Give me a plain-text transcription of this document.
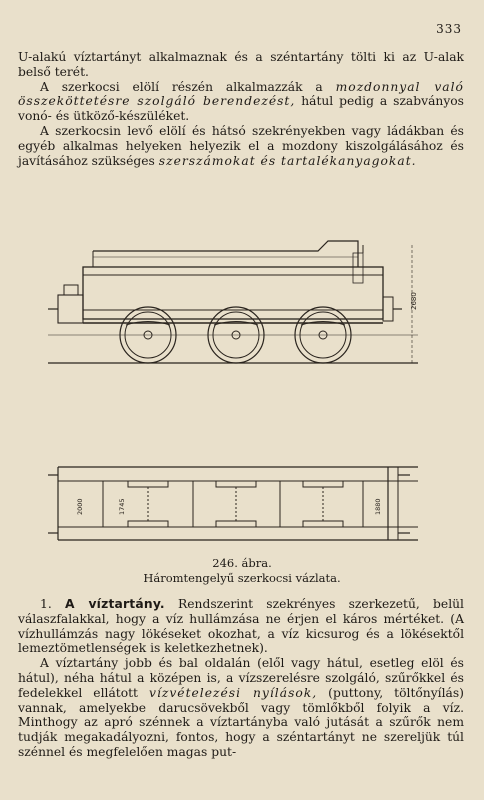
333

U-alakú víztartányt alkalmaznak és a széntartány tölti ki az U-alak belső terét.

A szerkocsi elölí részén alkalmazzák a mozdonnyal való összeköttetésre szolgáló berendezést, hátul pedig a szabványos vonó- és ütköző-készüléket.

A szerkocsin levő elölí és hátsó szekrényekben vagy ládákban és egyéb alkalmas helyeken helyezik el a mozdony kiszolgálásához és javításához szükséges szerszámokat és tartalékanyagokat.

2680
2000	1745	1880
246. ábra.
Háromtengelyű szerkocsi vázlata.

1. A víztartány. Rendszerint szekrényes szerkezetű, belül válaszfalakkal, hogy a víz hullámzása ne érjen el káros mértéket. (A vízhullámzás nagy lökéseket okozhat, a víz kicsurog és a lökésektől lemeztömetlenségek is keletkezhetnek).

A víztartány jobb és bal oldalán (elől vagy hátul, esetleg elöl és hátul), néha hátul a középen is, a vízszerelésre szolgáló, szűrőkkel és fedelekkel ellátott vízvételezési nyílások, (puttony, töltőnyílás) vannak, amelyekbe darucsövekből vagy tömlőkből folyik a víz. Minthogy az apró szénnek a víztartányba való jutását a szűrők nem tudják megakadályozni, fontos, hogy a széntartányt ne szereljük túl szénnel és megfelelően magas put-
